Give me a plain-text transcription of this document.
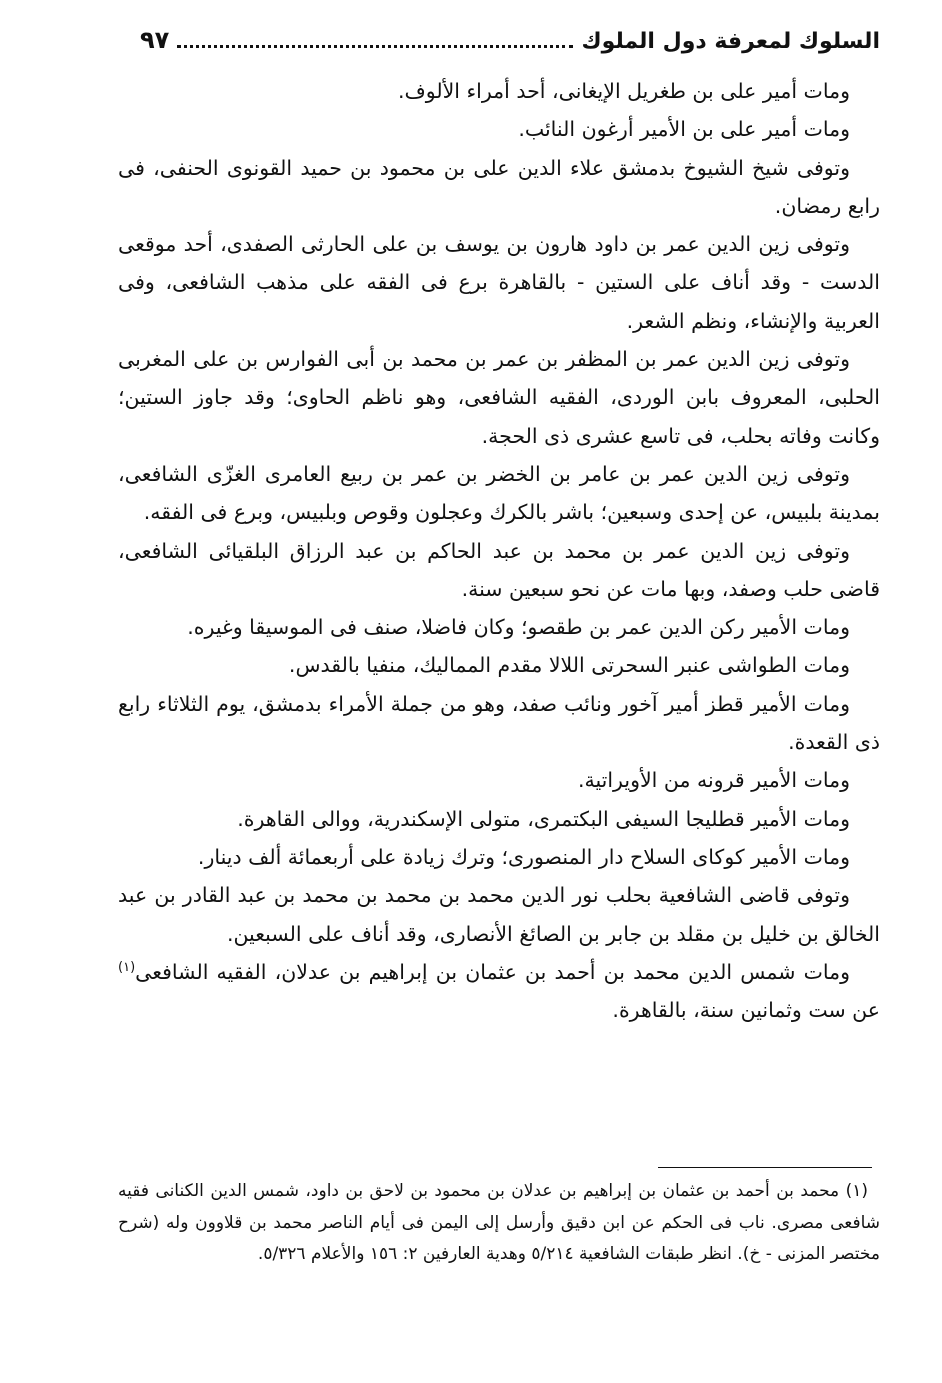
السلوك لمعرفة دول الملوك
٩٧

ومات أمير على بن طغريل الإيغانى، أحد أمراء الألوف.

ومات أمير على بن الأمير أرغون النائب.

وتوفى شيخ الشيوخ بدمشق علاء الدين على بن محمود بن حميد القونوى الحنفى، فى رابع رمضان.

وتوفى زين الدين عمر بن داود هارون بن يوسف بن على الحارثى الصفدى، أحد موقعى الدست - وقد أناف على الستين - بالقاهرة برع فى الفقه على مذهب الشافعى، وفى العربية والإنشاء، ونظم الشعر.

وتوفى زين الدين عمر بن المظفر بن عمر بن محمد بن أبى الفوارس بن على المغربى الحلبى، المعروف بابن الوردى، الفقيه الشافعى، وهو ناظم الحاوى؛ وقد جاوز الستين؛ وكانت وفاته بحلب، فى تاسع عشرى ذى الحجة.

وتوفى زين الدين عمر بن عامر بن الخضر بن عمر بن ربيع العامرى الغزّى الشافعى، بمدينة بلبيس، عن إحدى وسبعين؛ باشر بالكرك وعجلون وقوص وبلبيس، وبرع فى الفقه.

وتوفى زين الدين عمر بن محمد بن عبد الحاكم بن عبد الرزاق البلقيائى الشافعى، قاضى حلب وصفد، وبها مات عن نحو سبعين سنة.

ومات الأمير ركن الدين عمر بن طقصو؛ وكان فاضلا، صنف فى الموسيقا وغيره.

ومات الطواشى عنبر السحرتى اللالا مقدم المماليك، منفيا بالقدس.

ومات الأمير قطز أمير آخور ونائب صفد، وهو من جملة الأمراء بدمشق، يوم الثلاثاء رابع ذى القعدة.

ومات الأمير قرونه من الأويراتية.

ومات الأمير قطليجا السيفى البكتمرى، متولى الإسكندرية، ووالى القاهرة.

ومات الأمير كوكاى السلاح دار المنصورى؛ وترك زيادة على أربعمائة ألف دينار.

وتوفى قاضى الشافعية بحلب نور الدين محمد بن محمد بن محمد بن عبد القادر بن عبد الخالق بن خليل بن مقلد بن جابر بن الصائغ الأنصارى، وقد أناف على السبعين.

ومات شمس الدين محمد بن أحمد بن عثمان بن إبراهيم بن عدلان، الفقيه الشافعى$^{(١)}$ عن ست وثمانين سنة، بالقاهرة.

(١) محمد بن أحمد بن عثمان بن إبراهيم بن عدلان بن محمود بن لاحق بن داود، شمس الدين الكنانى فقيه شافعى مصرى. ناب فى الحكم عن ابن دقيق وأرسل إلى اليمن فى أيام الناصر محمد بن قلاوون وله (شرح مختصر المزنى - خ). انظر طبقات الشافعية ٥/٢١٤ وهدية العارفين ٢: ١٥٦ والأعلام ٥/٣٢٦.
